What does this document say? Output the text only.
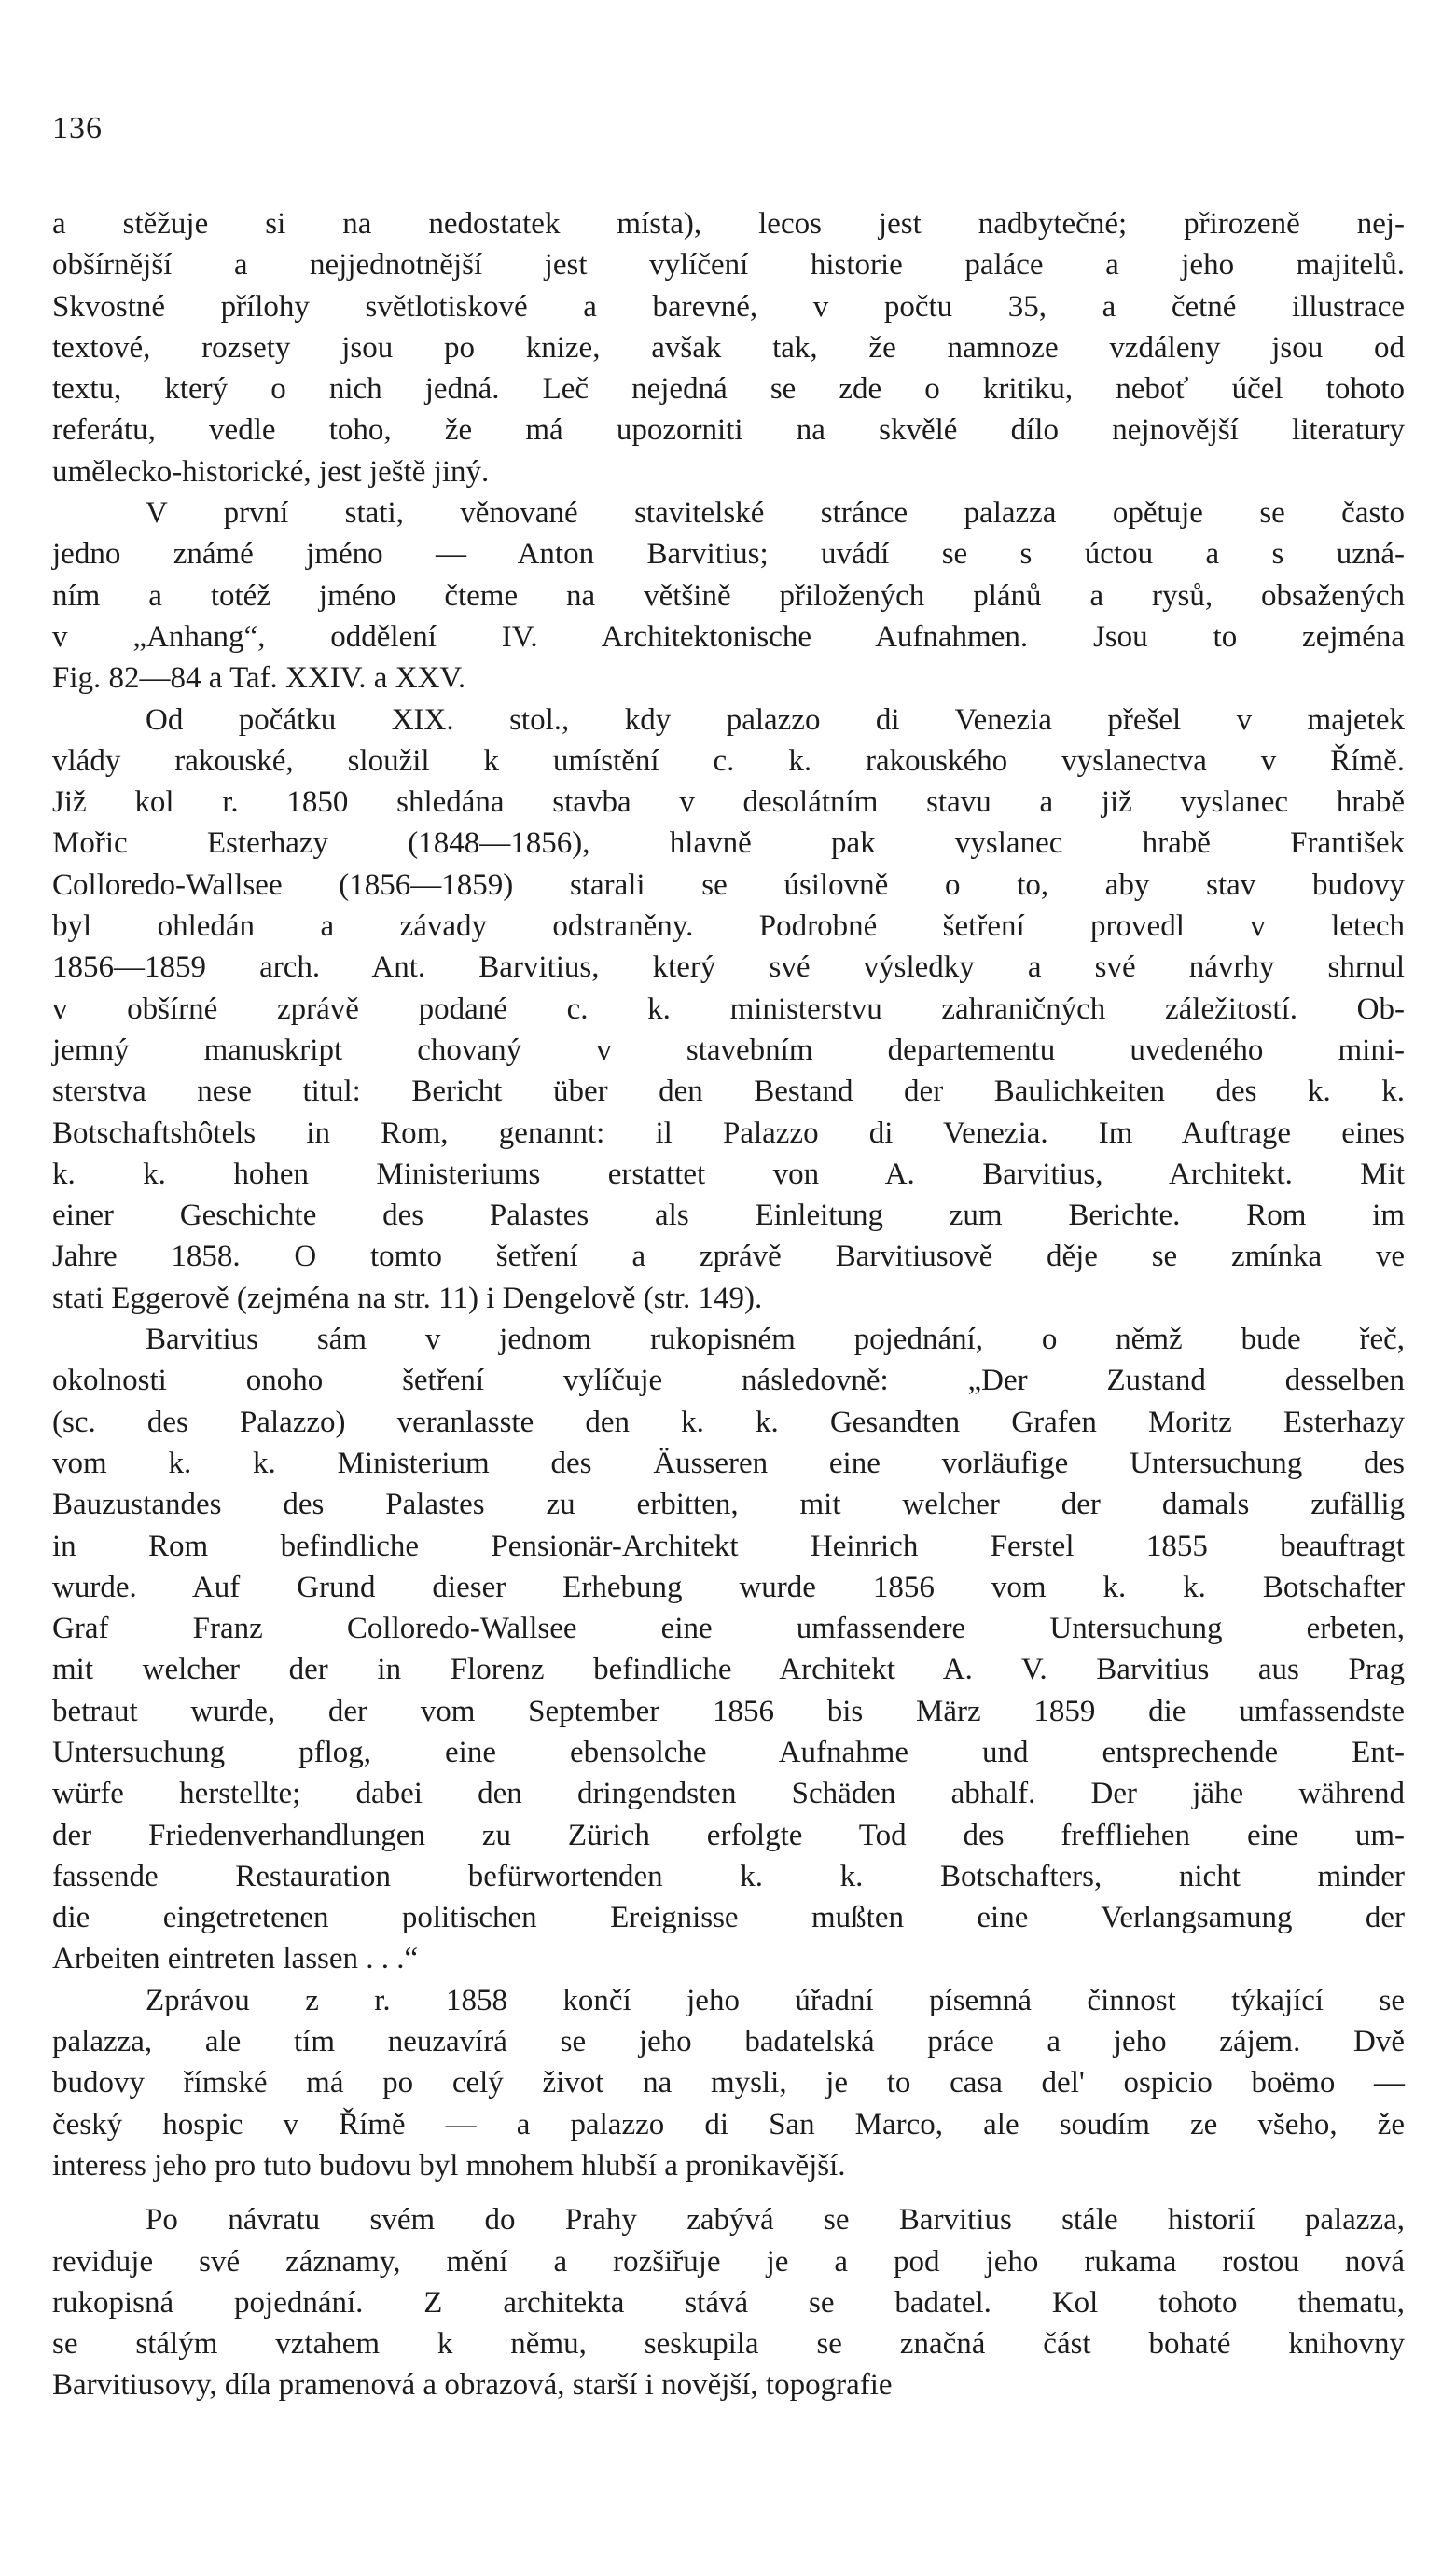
136
a stěžuje si na nedostatek místa), lecos jest nadbytečné; přirozeně nej-
obšírnější a nejjednotnější jest vylíčení historie paláce a jeho majitelů.
Skvostné přílohy světlotiskové a barevné, v počtu 35, a četné illustrace
textové, rozsety jsou po knize, avšak tak, že namnoze vzdáleny jsou od
textu, který o nich jedná. Leč nejedná se zde o kritiku, neboť účel tohoto
referátu, vedle toho, že má upozorniti na skvělé dílo nejnovější literatury
umělecko-historické, jest ještě jiný.
V první stati, věnované stavitelské stránce palazza opětuje se často
jedno známé jméno — Anton Barvitius; uvádí se s úctou a s uzná-
ním a totéž jméno čteme na většině přiložených plánů a rysů, obsažených
v „Anhang“, oddělení IV. Architektonische Aufnahmen. Jsou to zejména
Fig. 82—84 a Taf. XXIV. a XXV.
Od počátku XIX. stol., kdy palazzo di Venezia přešel v majetek
vlády rakouské, sloužil k umístění c. k. rakouského vyslanectva v Římě.
Již kol r. 1850 shledána stavba v desolátním stavu a již vyslanec hrabě
Mořic Esterhazy (1848—1856), hlavně pak vyslanec hrabě František
Colloredo-Wallsee (1856—1859) starali se úsilovně o to, aby stav budovy
byl ohledán a závady odstraněny. Podrobné šetření provedl v letech
1856—1859 arch. Ant. Barvitius, který své výsledky a své návrhy shrnul
v obšírné zprávě podané c. k. ministerstvu zahraničných záležitostí. Ob-
jemný manuskript chovaný v stavebním departementu uvedeného mini-
sterstva nese titul: Bericht über den Bestand der Baulichkeiten des k. k.
Botschaftshôtels in Rom, genannt: il Palazzo di Venezia. Im Auftrage eines
k. k. hohen Ministeriums erstattet von A. Barvitius, Architekt. Mit
einer Geschichte des Palastes als Einleitung zum Berichte. Rom im
Jahre 1858. O tomto šetření a zprávě Barvitiusově děje se zmínka ve
stati Eggerově (zejména na str. 11) i Dengelově (str. 149).
Barvitius sám v jednom rukopisném pojednání, o němž bude řeč,
okolnosti onoho šetření vylíčuje následovně: „Der Zustand desselben
(sc. des Palazzo) veranlasste den k. k. Gesandten Grafen Moritz Esterhazy
vom k. k. Ministerium des Äusseren eine vorläufige Untersuchung des
Bauzustandes des Palastes zu erbitten, mit welcher der damals zufällig
in Rom befindliche Pensionär-Architekt Heinrich Ferstel 1855 beauftragt
wurde. Auf Grund dieser Erhebung wurde 1856 vom k. k. Botschafter
Graf Franz Colloredo-Wallsee eine umfassendere Untersuchung erbeten,
mit welcher der in Florenz befindliche Architekt A. V. Barvitius aus Prag
betraut wurde, der vom September 1856 bis März 1859 die umfassendste
Untersuchung pflog, eine ebensolche Aufnahme und entsprechende Ent-
würfe herstellte; dabei den dringendsten Schäden abhalf. Der jähe während
der Friedenverhandlungen zu Zürich erfolgte Tod des freffliehen eine um-
fassende Restauration befürwortenden k. k. Botschafters, nicht minder
die eingetretenen politischen Ereignisse mußten eine Verlangsamung der
Arbeiten eintreten lassen . . .“
Zprávou z r. 1858 končí jeho úřadní písemná činnost týkající se
palazza, ale tím neuzavírá se jeho badatelská práce a jeho zájem. Dvě
budovy římské má po celý život na mysli, je to casa del' ospicio boëmo —
český hospic v Římě — a palazzo di San Marco, ale soudím ze všeho, že
interess jeho pro tuto budovu byl mnohem hlubší a pronikavější.
Po návratu svém do Prahy zabývá se Barvitius stále historií palazza,
reviduje své záznamy, mění a rozšiřuje je a pod jeho rukama rostou nová
rukopisná pojednání. Z architekta stává se badatel. Kol tohoto thematu,
se stálým vztahem k němu, seskupila se značná část bohaté knihovny
Barvitiusovy, díla pramenová a obrazová, starší i novější, topografie
